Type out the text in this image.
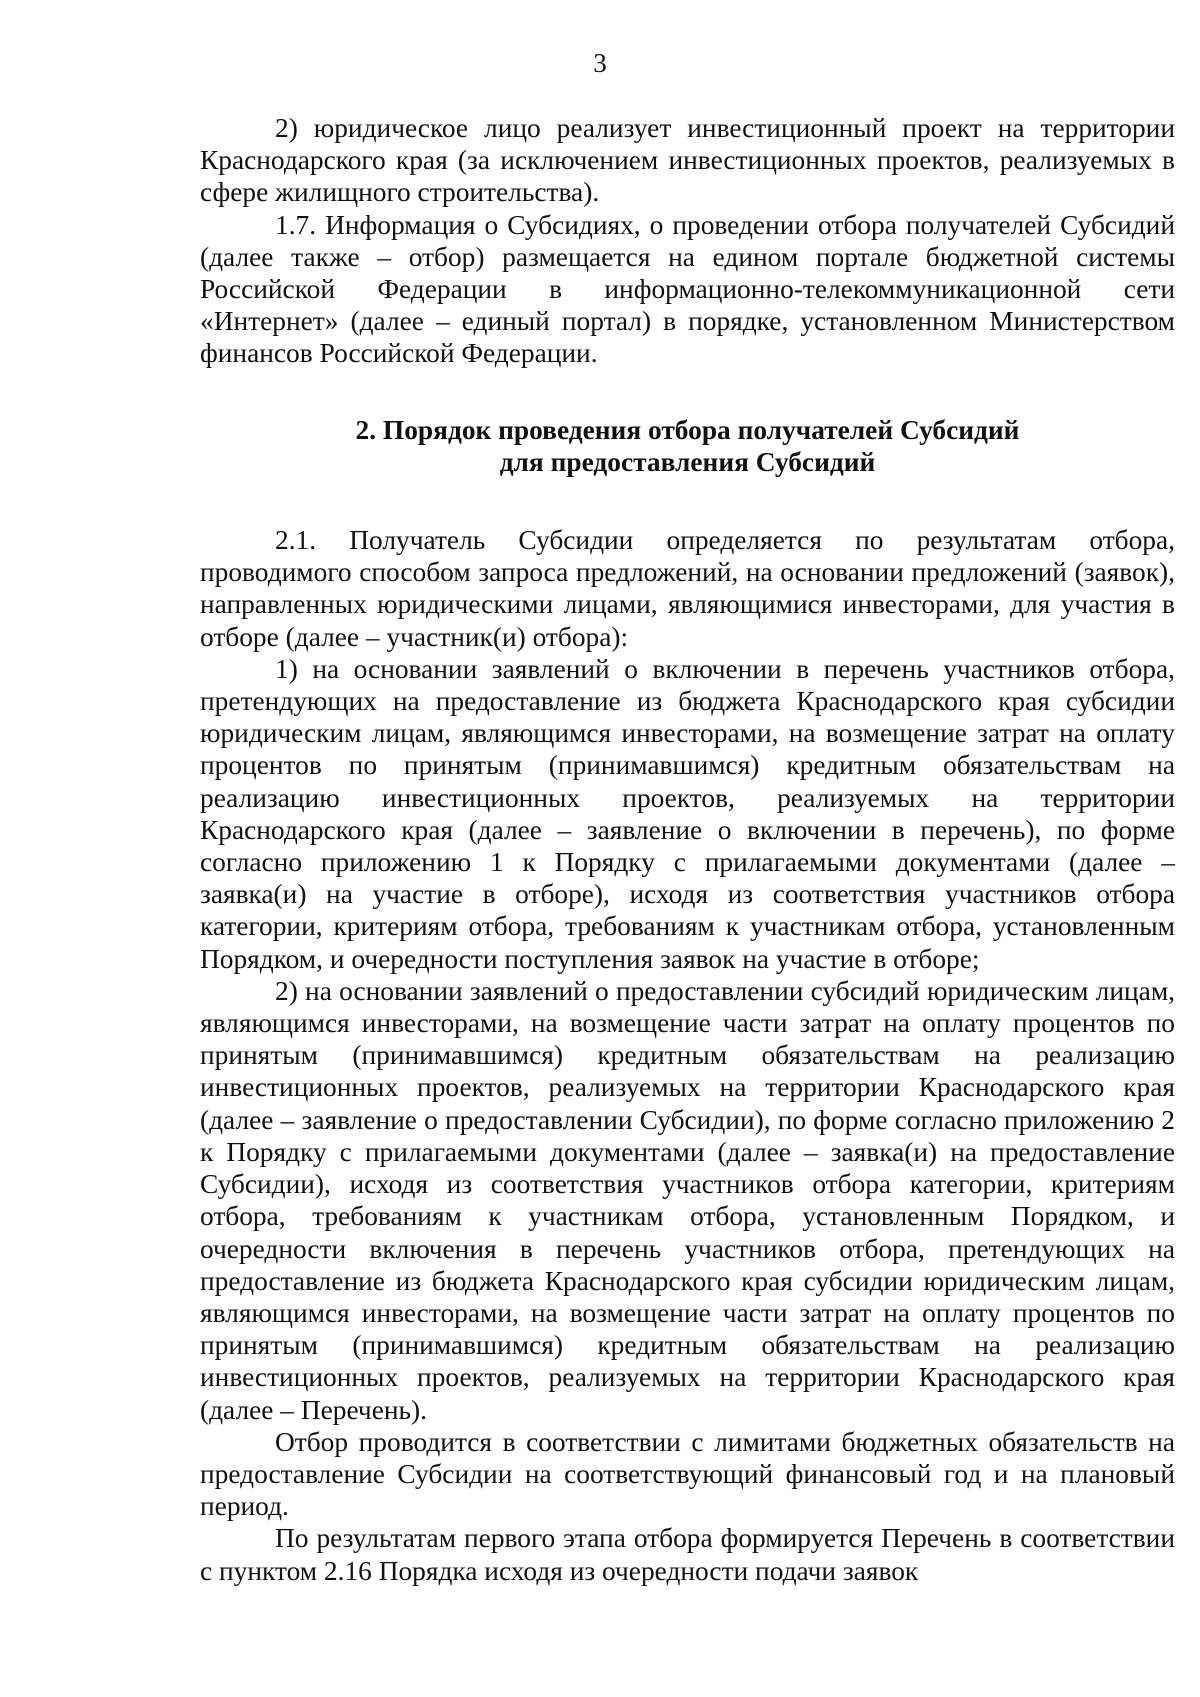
3

2) юридическое лицо реализует инвестиционный проект на территории Краснодарского края (за исключением инвестиционных проектов, реализуемых в сфере жилищного строительства).

1.7. Информация о Субсидиях, о проведении отбора получателей Субсидий (далее также – отбор) размещается на едином портале бюджетной системы Российской Федерации в информационно-телекоммуникационной сети «Интернет» (далее – единый портал) в порядке, установленном Министерством финансов Российской Федерации.

2. Порядок проведения отбора получателей Субсидий
для предоставления Субсидий

2.1. Получатель Субсидии определяется по результатам отбора, проводимого способом запроса предложений, на основании предложений (заявок), направленных юридическими лицами, являющимися инвесторами, для участия в отборе (далее – участник(и) отбора):

1) на основании заявлений о включении в перечень участников отбора, претендующих на предоставление из бюджета Краснодарского края субсидии юридическим лицам, являющимся инвесторами, на возмещение затрат на оплату процентов по принятым (принимавшимся) кредитным обязательствам на реализацию инвестиционных проектов, реализуемых на территории Краснодарского края (далее – заявление о включении в перечень), по форме согласно приложению 1 к Порядку с прилагаемыми документами (далее – заявка(и) на участие в отборе), исходя из соответствия участников отбора категории, критериям отбора, требованиям к участникам отбора, установленным Порядком, и очередности поступления заявок на участие в отборе;

2) на основании заявлений о предоставлении субсидий юридическим лицам, являющимся инвесторами, на возмещение части затрат на оплату процентов по принятым (принимавшимся) кредитным обязательствам на реализацию инвестиционных проектов, реализуемых на территории Краснодарского края (далее – заявление о предоставлении Субсидии), по форме согласно приложению 2 к Порядку с прилагаемыми документами (далее – заявка(и) на предоставление Субсидии), исходя из соответствия участников отбора категории, критериям отбора, требованиям к участникам отбора, установленным Порядком, и очередности включения в перечень участников отбора, претендующих на предоставление из бюджета Краснодарского края субсидии юридическим лицам, являющимся инвесторами, на возмещение части затрат на оплату процентов по принятым (принимавшимся) кредитным обязательствам на реализацию инвестиционных проектов, реализуемых на территории Краснодарского края (далее – Перечень).

Отбор проводится в соответствии с лимитами бюджетных обязательств на предоставление Субсидии на соответствующий финансовый год и на плановый период.

По результатам первого этапа отбора формируется Перечень в соответствии с пунктом 2.16 Порядка исходя из очередности подачи заявок
